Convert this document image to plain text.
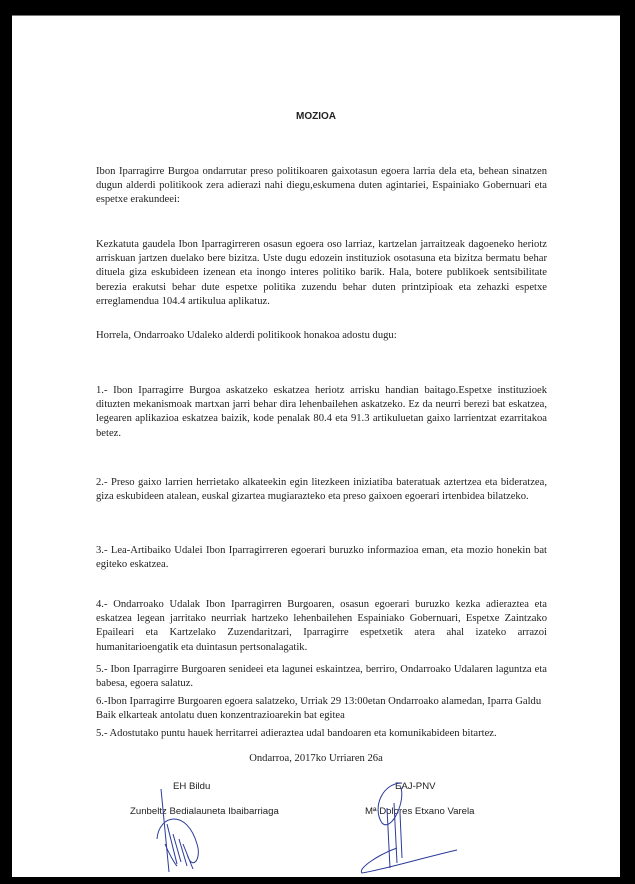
MOZIOA

Ibon Iparragirre Burgoa ondarrutar preso politikoaren gaixotasun egoera larria dela eta, behean sinatzen dugun alderdi politikook zera adierazi nahi diegu,eskumena duten agintariei, Espainiako Gobernuari eta espetxe erakundeei:

Kezkatuta gaudela Ibon Iparragirreren osasun egoera oso larriaz, kartzelan jarraitzeak dagoeneko heriotz arriskuan jartzen duelako bere bizitza. Uste dugu edozein instituziok osotasuna eta bizitza bermatu behar dituela giza eskubideen izenean eta inongo interes politiko barik. Hala, botere publikoek sentsibilitate berezia erakutsi behar dute espetxe politika zuzendu behar duten printzipioak eta zehazki espetxe erreglamendua 104.4 artikulua aplikatuz.

Horrela, Ondarroako Udaleko alderdi politikook honakoa adostu dugu:

1.- Ibon Iparragirre Burgoa askatzeko eskatzea heriotz arrisku handian baitago.Espetxe instituzioek dituzten mekanismoak martxan jarri behar dira lehenbailehen askatzeko. Ez da neurri berezi bat eskatzea, legearen aplikazioa eskatzea baizik, kode penalak 80.4 eta 91.3 artikuluetan gaixo larrientzat ezarritakoa betez.

2.- Preso gaixo larrien herrietako alkateekin egin litezkeen iniziatiba bateratuak aztertzea eta bideratzea, giza eskubideen atalean, euskal gizartea mugiarazteko eta preso gaixoen egoerari irtenbidea bilatzeko.

3.- Lea-Artibaiko Udalei Ibon Iparragirreren egoerari buruzko informazioa eman, eta mozio honekin bat egiteko eskatzea.

4.- Ondarroako Udalak Ibon Iparragirren Burgoaren, osasun egoerari buruzko kezka adieraztea eta eskatzea legean jarritako neurriak hartzeko lehenbailehen Espainiako Gobernuari, Espetxe Zaintzako Epaileari eta Kartzelako Zuzendaritzari, Iparragirre espetxetik atera ahal izateko arrazoi humanitarioengatik eta duintasun pertsonalagatik.

5.- Ibon Iparragirre Burgoaren senideei eta lagunei eskaintzea, berriro, Ondarroako Udalaren laguntza eta babesa, egoera salatuz.

6.-Ibon Iparragirre Burgoaren egoera salatzeko, Urriak 29 13:00etan Ondarroako alamedan, Iparra Galdu Baik elkarteak antolatu duen konzentrazioarekin bat egitea

5.- Adostutako puntu hauek herritarrei adieraztea udal bandoaren eta komunikabideen bitartez.

Ondarroa, 2017ko Urriaren 26a
EH Bildu
Zunbeltz Bedialauneta Ibaibarriaga
EAJ-PNV
Mª Dolores Etxano Varela
